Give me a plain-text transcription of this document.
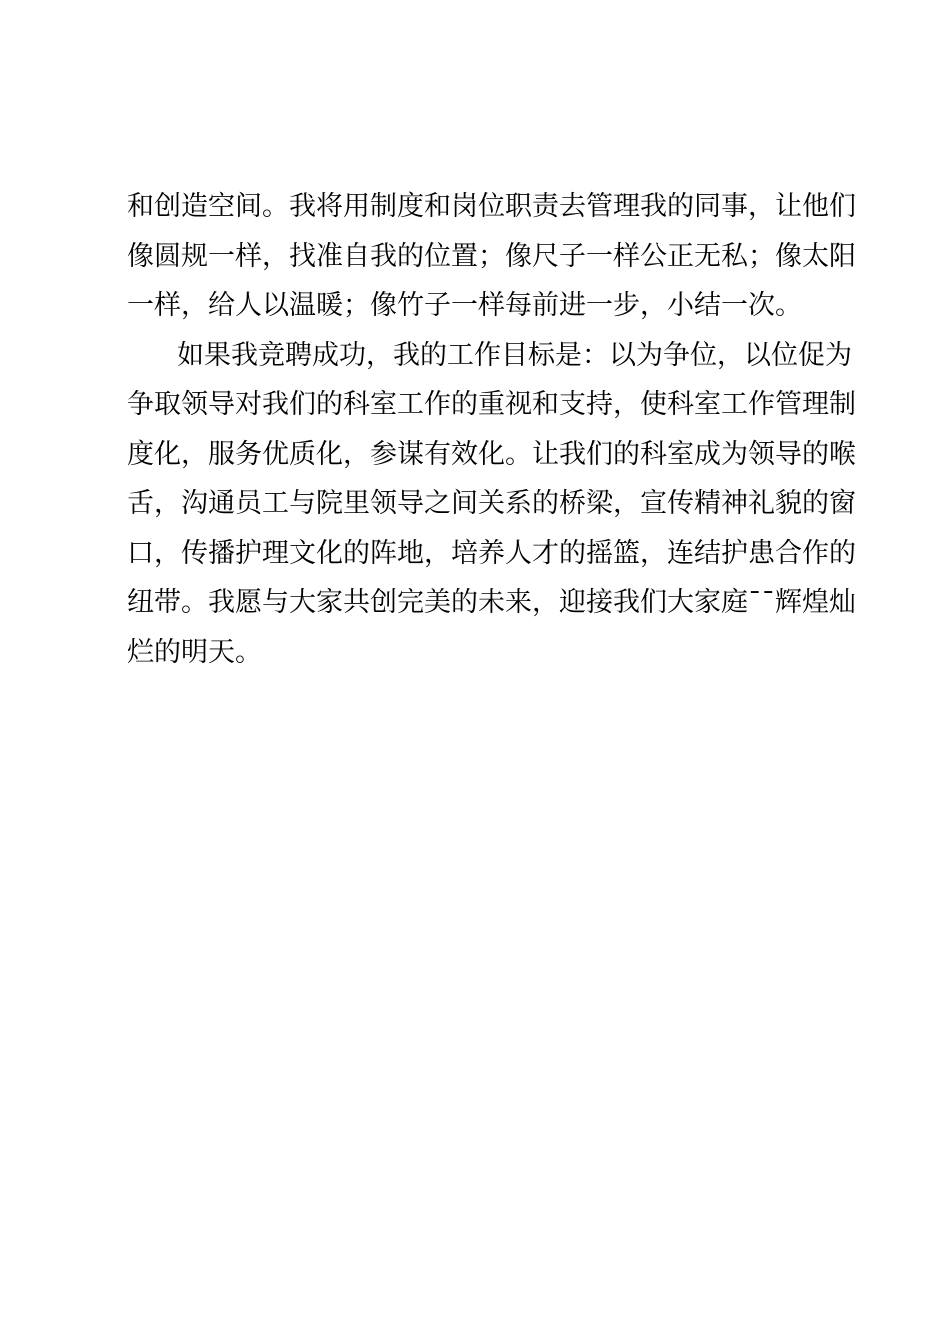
和创造空间。我将用制度和岗位职责去管理我的同事，让他们
像圆规一样，找准自我的位置；像尺子一样公正无私；像太阳
一样，给人以温暖；像竹子一样每前进一步，小结一次。
如果我竞聘成功，我的工作目标是：以为争位，以位促为
争取领导对我们的科室工作的重视和支持，使科室工作管理制
度化，服务优质化，参谋有效化。让我们的科室成为领导的喉
舌，沟通员工与院里领导之间关系的桥梁，宣传精神礼貌的窗
口，传播护理文化的阵地，培养人才的摇篮，连结护患合作的
纽带。我愿与大家共创完美的未来，迎接我们大家庭¯¯辉煌灿
烂的明天。
